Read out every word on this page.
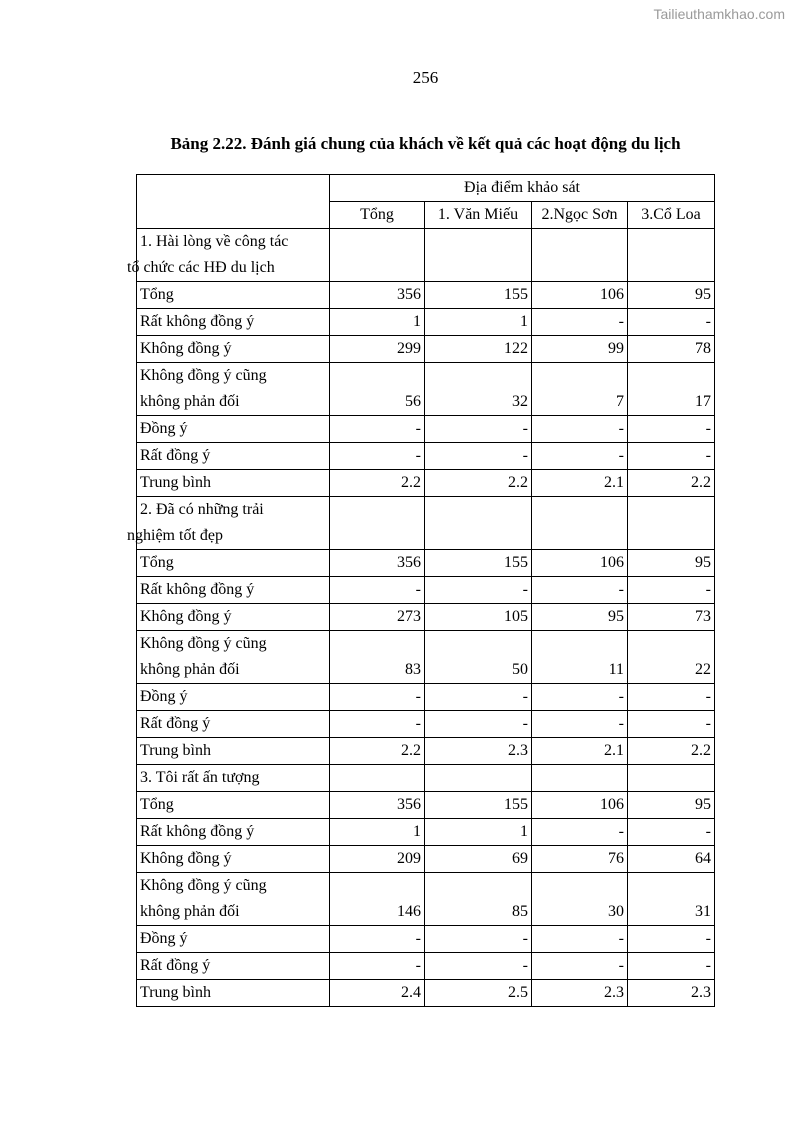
Tailieuthamkhao.com
256
Bảng 2.22. Đánh giá chung của khách về kết quả các hoạt động du lịch
	Địa điểm khảo sát			
	Tổng	1. Văn Miếu	2.Ngọc Sơn	3.Cổ Loa

1. Hài lòng về công tác
tổ chức các HĐ du lịch				

Tổng	356	155	106	95

Rất không đồng ý	1	1	-	-

Không đồng ý	299	122	99	78

Không đồng ý cũng
không phản đối	56	32	7	17

Đồng ý	-	-	-	-

Rất đồng ý	-	-	-	-

Trung bình	2.2	2.2	2.1	2.2

2. Đã có những trải
nghiệm tốt đẹp				

Tổng	356	155	106	95

Rất không đồng ý	-	-	-	-

Không đồng ý	273	105	95	73

Không đồng ý cũng
không phản đối	83	50	11	22

Đồng ý	-	-	-	-

Rất đồng ý	-	-	-	-

Trung bình	2.2	2.3	2.1	2.2

3. Tôi rất ấn tượng				

Tổng	356	155	106	95

Rất không đồng ý	1	1	-	-

Không đồng ý	209	69	76	64

Không đồng ý cũng
không phản đối	146	85	30	31

Đồng ý	-	-	-	-

Rất đồng ý	-	-	-	-

Trung bình	2.4	2.5	2.3	2.3
